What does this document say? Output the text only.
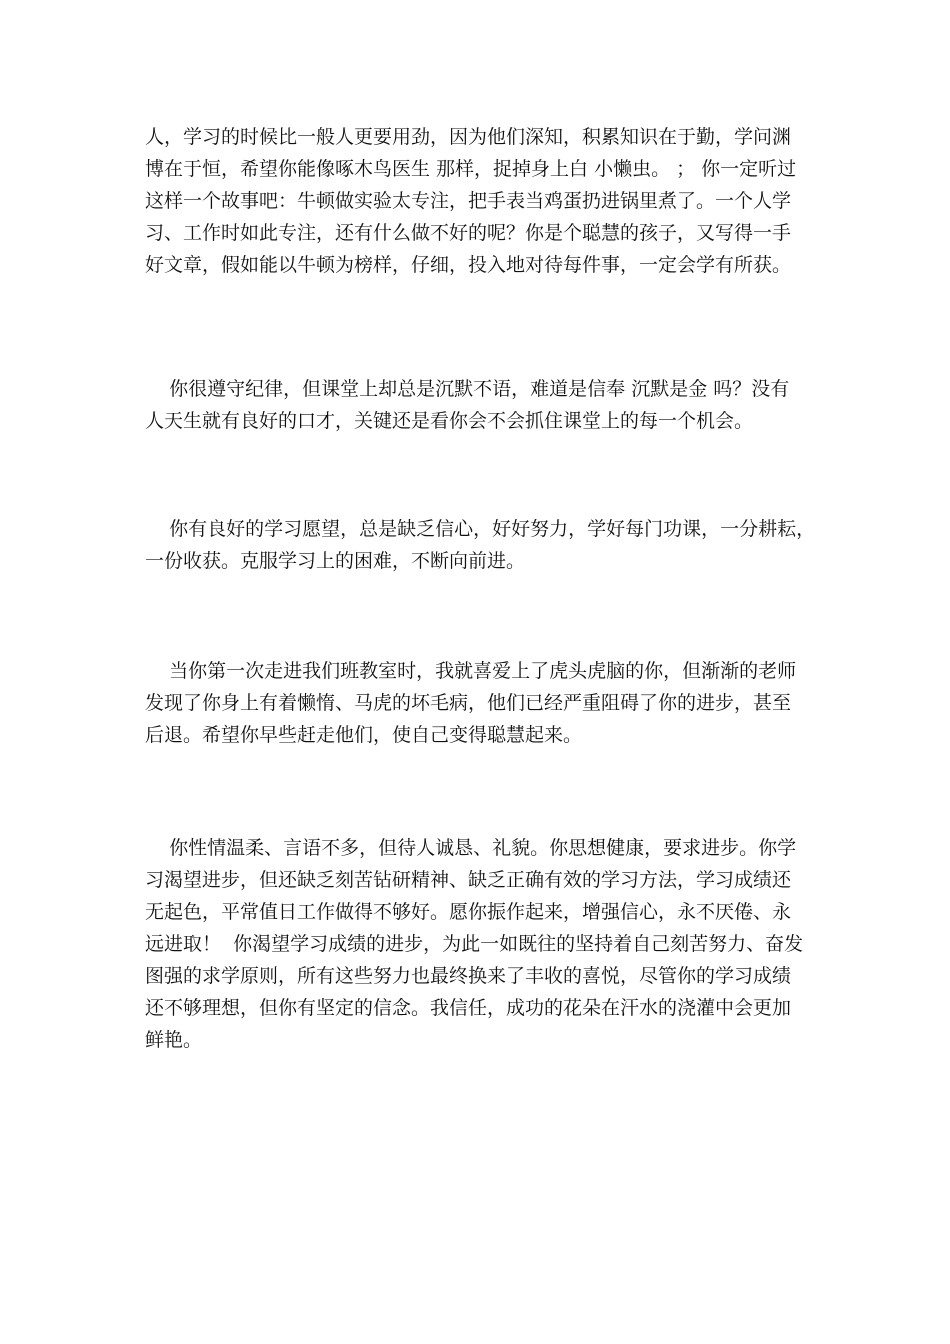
人，学习的时候比一般人更要用劲，因为他们深知，积累知识在于勤，学问渊
博在于恒，希望你能像啄木鸟医生 那样，捉掉身上白 小懒虫。 ； 你一定听过
这样一个故事吧：牛顿做实验太专注，把手表当鸡蛋扔进锅里煮了。一个人学
习、工作时如此专注，还有什么做不好的呢？你是个聪慧的孩子，又写得一手
好文章，假如能以牛顿为榜样，仔细，投入地对待每件事，一定会学有所获。

你很遵守纪律，但课堂上却总是沉默不语，难道是信奉 沉默是金 吗？没有
人天生就有良好的口才，关键还是看你会不会抓住课堂上的每一个机会。

你有良好的学习愿望，总是缺乏信心，好好努力，学好每门功课，一分耕耘，
一份收获。克服学习上的困难，不断向前进。

当你第一次走进我们班教室时，我就喜爱上了虎头虎脑的你，但渐渐的老师
发现了你身上有着懒惰、马虎的坏毛病，他们已经严重阻碍了你的进步，甚至
后退。希望你早些赶走他们，使自己变得聪慧起来。

你性情温柔、言语不多，但待人诚恳、礼貌。你思想健康，要求进步。你学
习渴望进步，但还缺乏刻苦钻研精神、缺乏正确有效的学习方法，学习成绩还
无起色，平常值日工作做得不够好。愿你振作起来，增强信心，永不厌倦、永
远进取！  你渴望学习成绩的进步，为此一如既往的坚持着自己刻苦努力、奋发
图强的求学原则，所有这些努力也最终换来了丰收的喜悦，尽管你的学习成绩
还不够理想，但你有坚定的信念。我信任，成功的花朵在汗水的浇灌中会更加
鲜艳。
